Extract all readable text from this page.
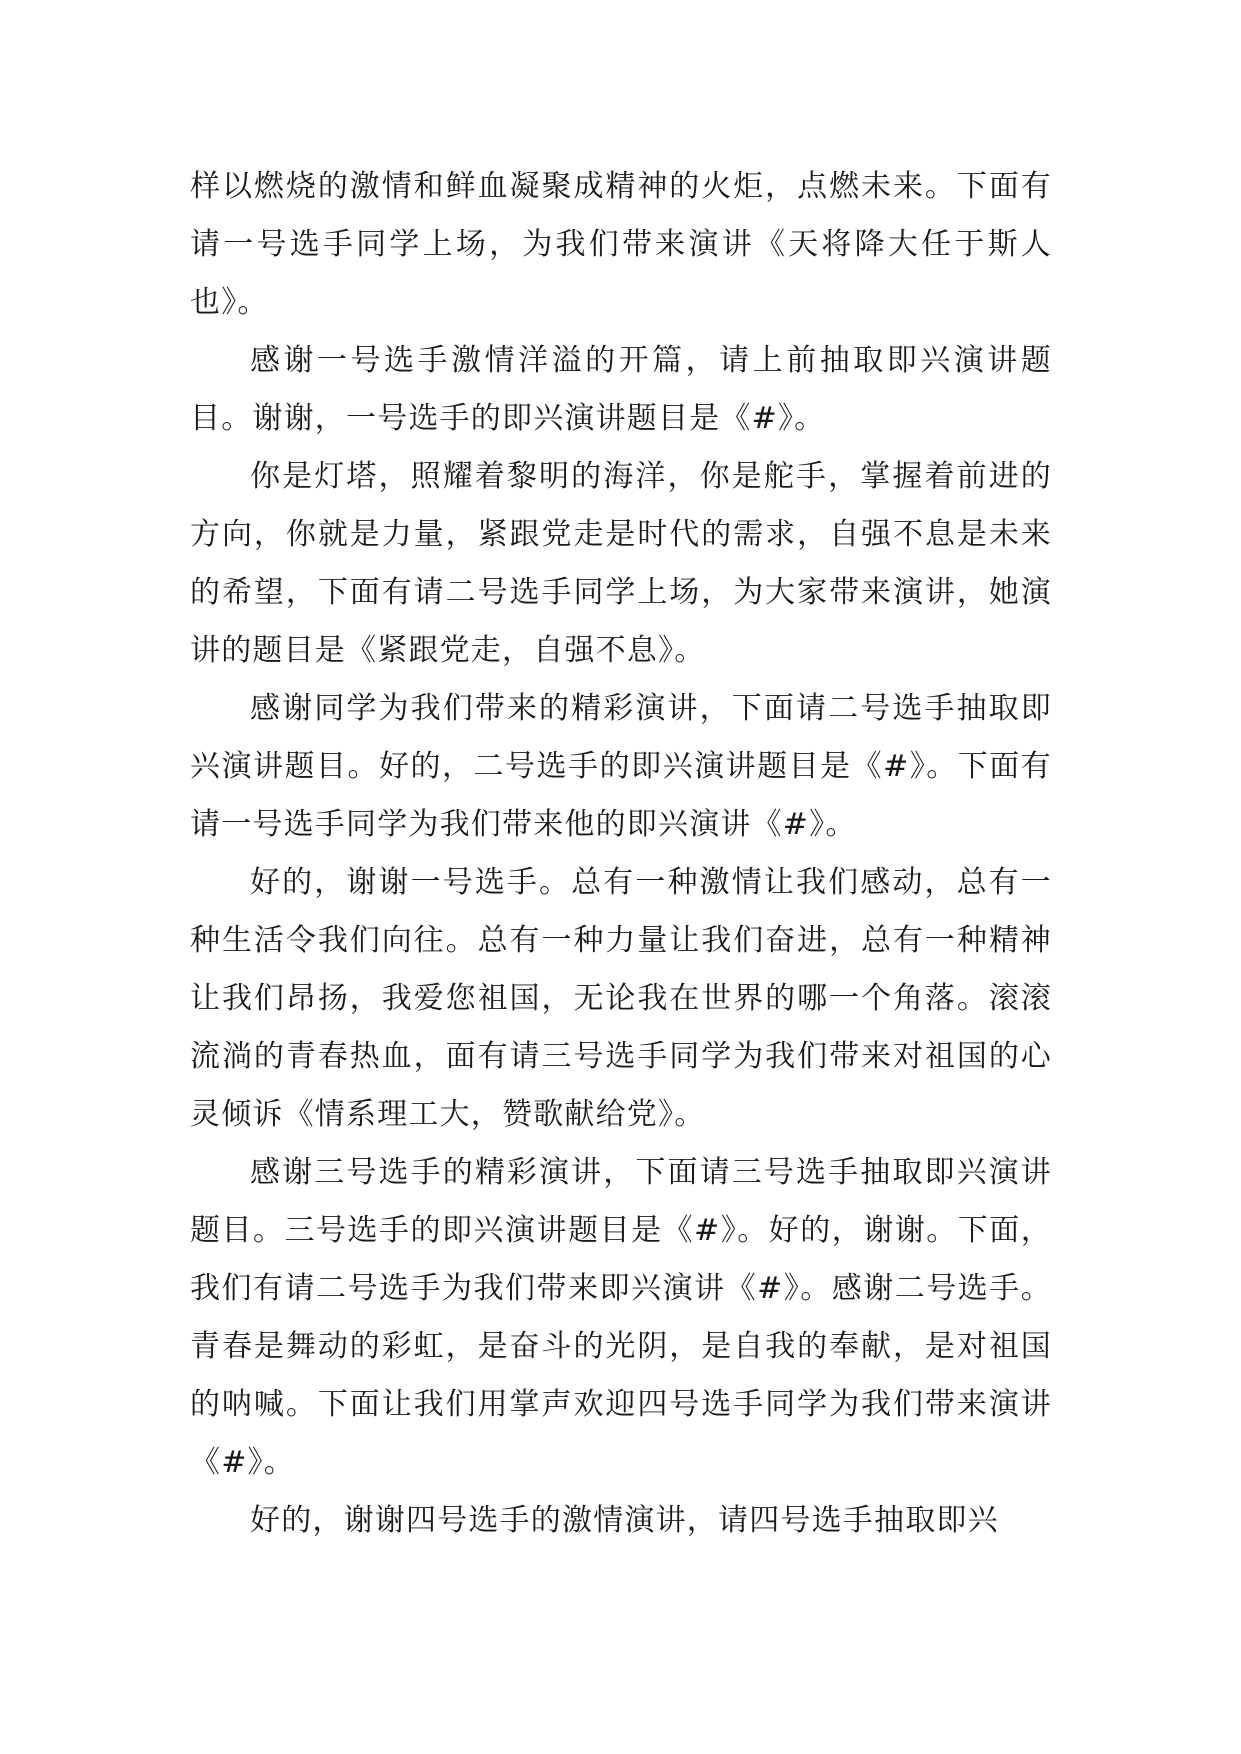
样以燃烧的激情和鲜血凝聚成精神的火炬，点燃未来。下面有请一号选手同学上场，为我们带来演讲《天将降大任于斯人也》。

感谢一号选手激情洋溢的开篇，请上前抽取即兴演讲题目。谢谢，一号选手的即兴演讲题目是《#》。

你是灯塔，照耀着黎明的海洋，你是舵手，掌握着前进的方向，你就是力量，紧跟党走是时代的需求，自强不息是未来的希望，下面有请二号选手同学上场，为大家带来演讲，她演讲的题目是《紧跟党走，自强不息》。

感谢同学为我们带来的精彩演讲，下面请二号选手抽取即兴演讲题目。好的，二号选手的即兴演讲题目是《#》。下面有请一号选手同学为我们带来他的即兴演讲《#》。

好的，谢谢一号选手。总有一种激情让我们感动，总有一种生活令我们向往。总有一种力量让我们奋进，总有一种精神让我们昂扬，我爱您祖国，无论我在世界的哪一个角落。滚滚流淌的青春热血，面有请三号选手同学为我们带来对祖国的心灵倾诉《情系理工大，赞歌献给党》。

感谢三号选手的精彩演讲，下面请三号选手抽取即兴演讲题目。三号选手的即兴演讲题目是《#》。好的，谢谢。下面，我们有请二号选手为我们带来即兴演讲《#》。感谢二号选手。青春是舞动的彩虹，是奋斗的光阴，是自我的奉献，是对祖国的呐喊。下面让我们用掌声欢迎四号选手同学为我们带来演讲《#》。

好的，谢谢四号选手的激情演讲，请四号选手抽取即兴
